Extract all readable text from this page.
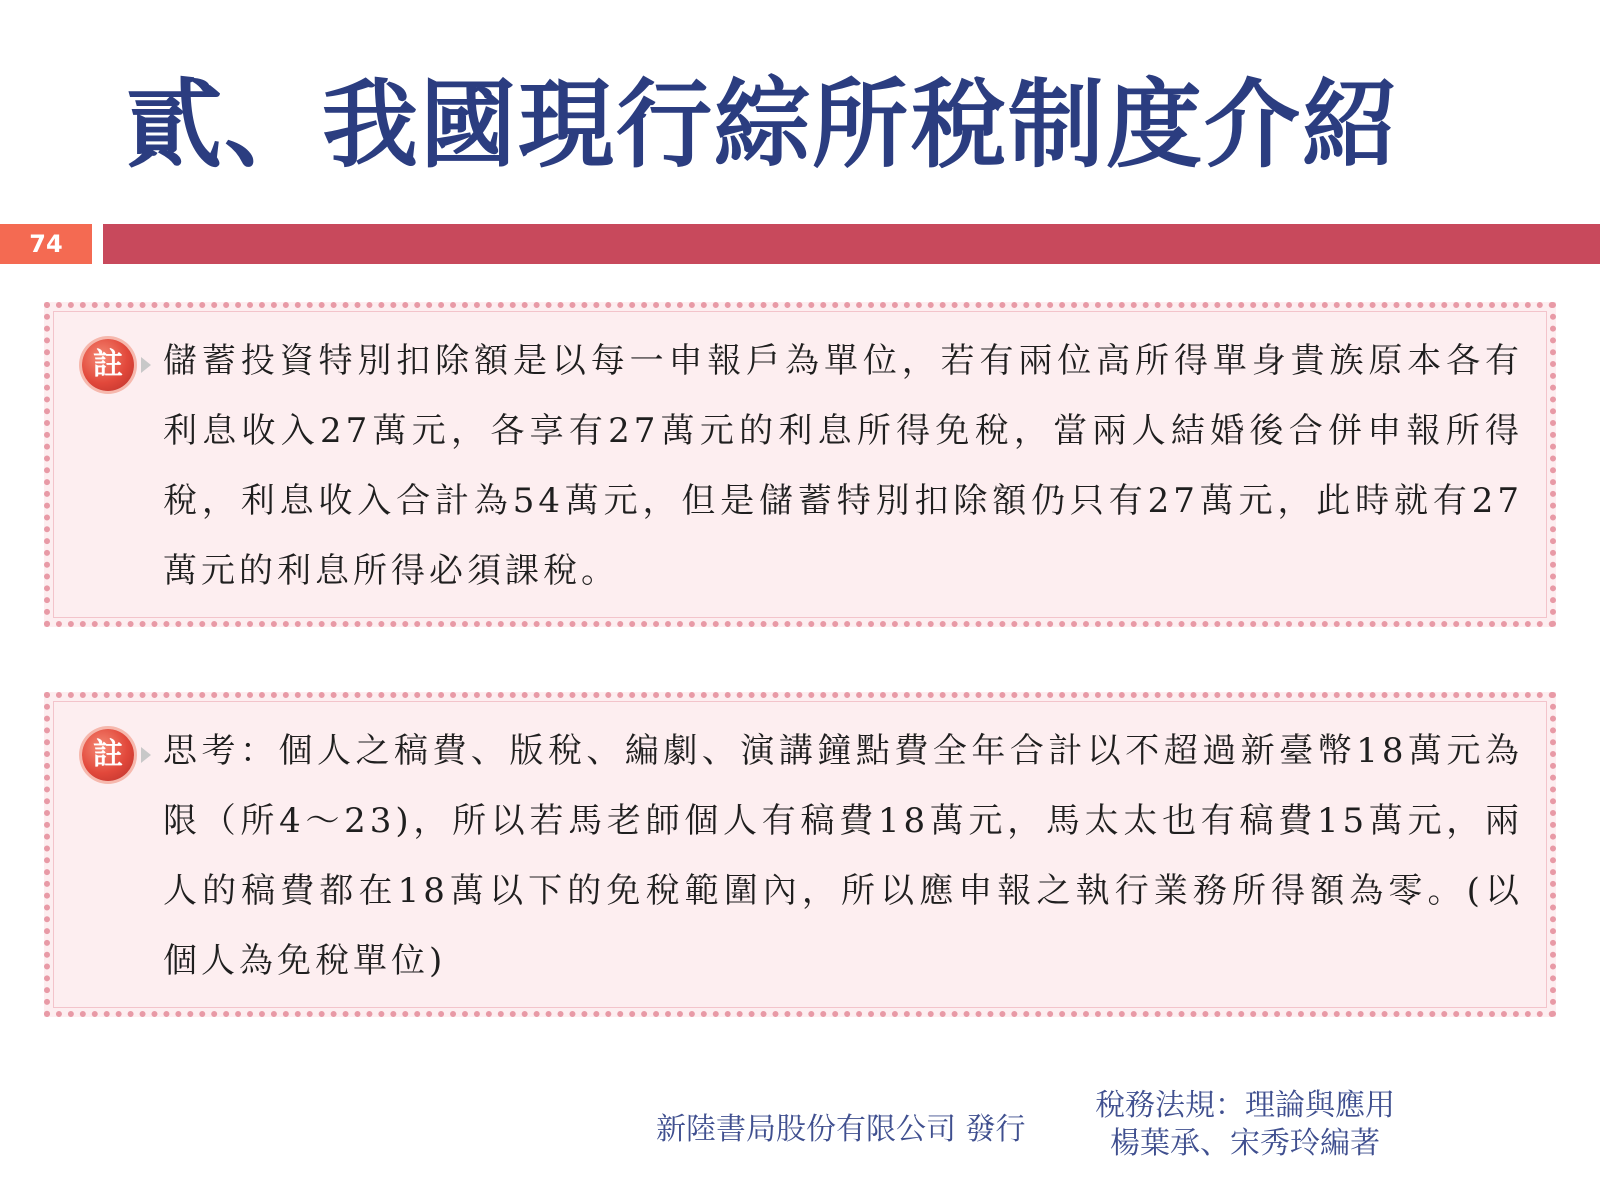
貳、我國現行綜所稅制度介紹
74
註	儲蓄投資特別扣除額是以每一申報戶為單位，若有兩位高所得單身貴族原本各有利息收入27萬元，各享有27萬元的利息所得免稅，當兩人結婚後合併申報所得稅，利息收入合計為54萬元，但是儲蓄特別扣除額仍只有27萬元，此時就有27萬元的利息所得必須課稅。

註	思考：個人之稿費、版稅、編劇、演講鐘點費全年合計以不超過新臺幣18萬元為限（所4～23)，所以若馬老師個人有稿費18萬元，馬太太也有稿費15萬元，兩人的稿費都在18萬以下的免稅範圍內，所以應申報之執行業務所得額為零。(以個人為免稅單位)

新陸書局股份有限公司 發行
稅務法規：理論與應用
楊葉承、宋秀玲編著
